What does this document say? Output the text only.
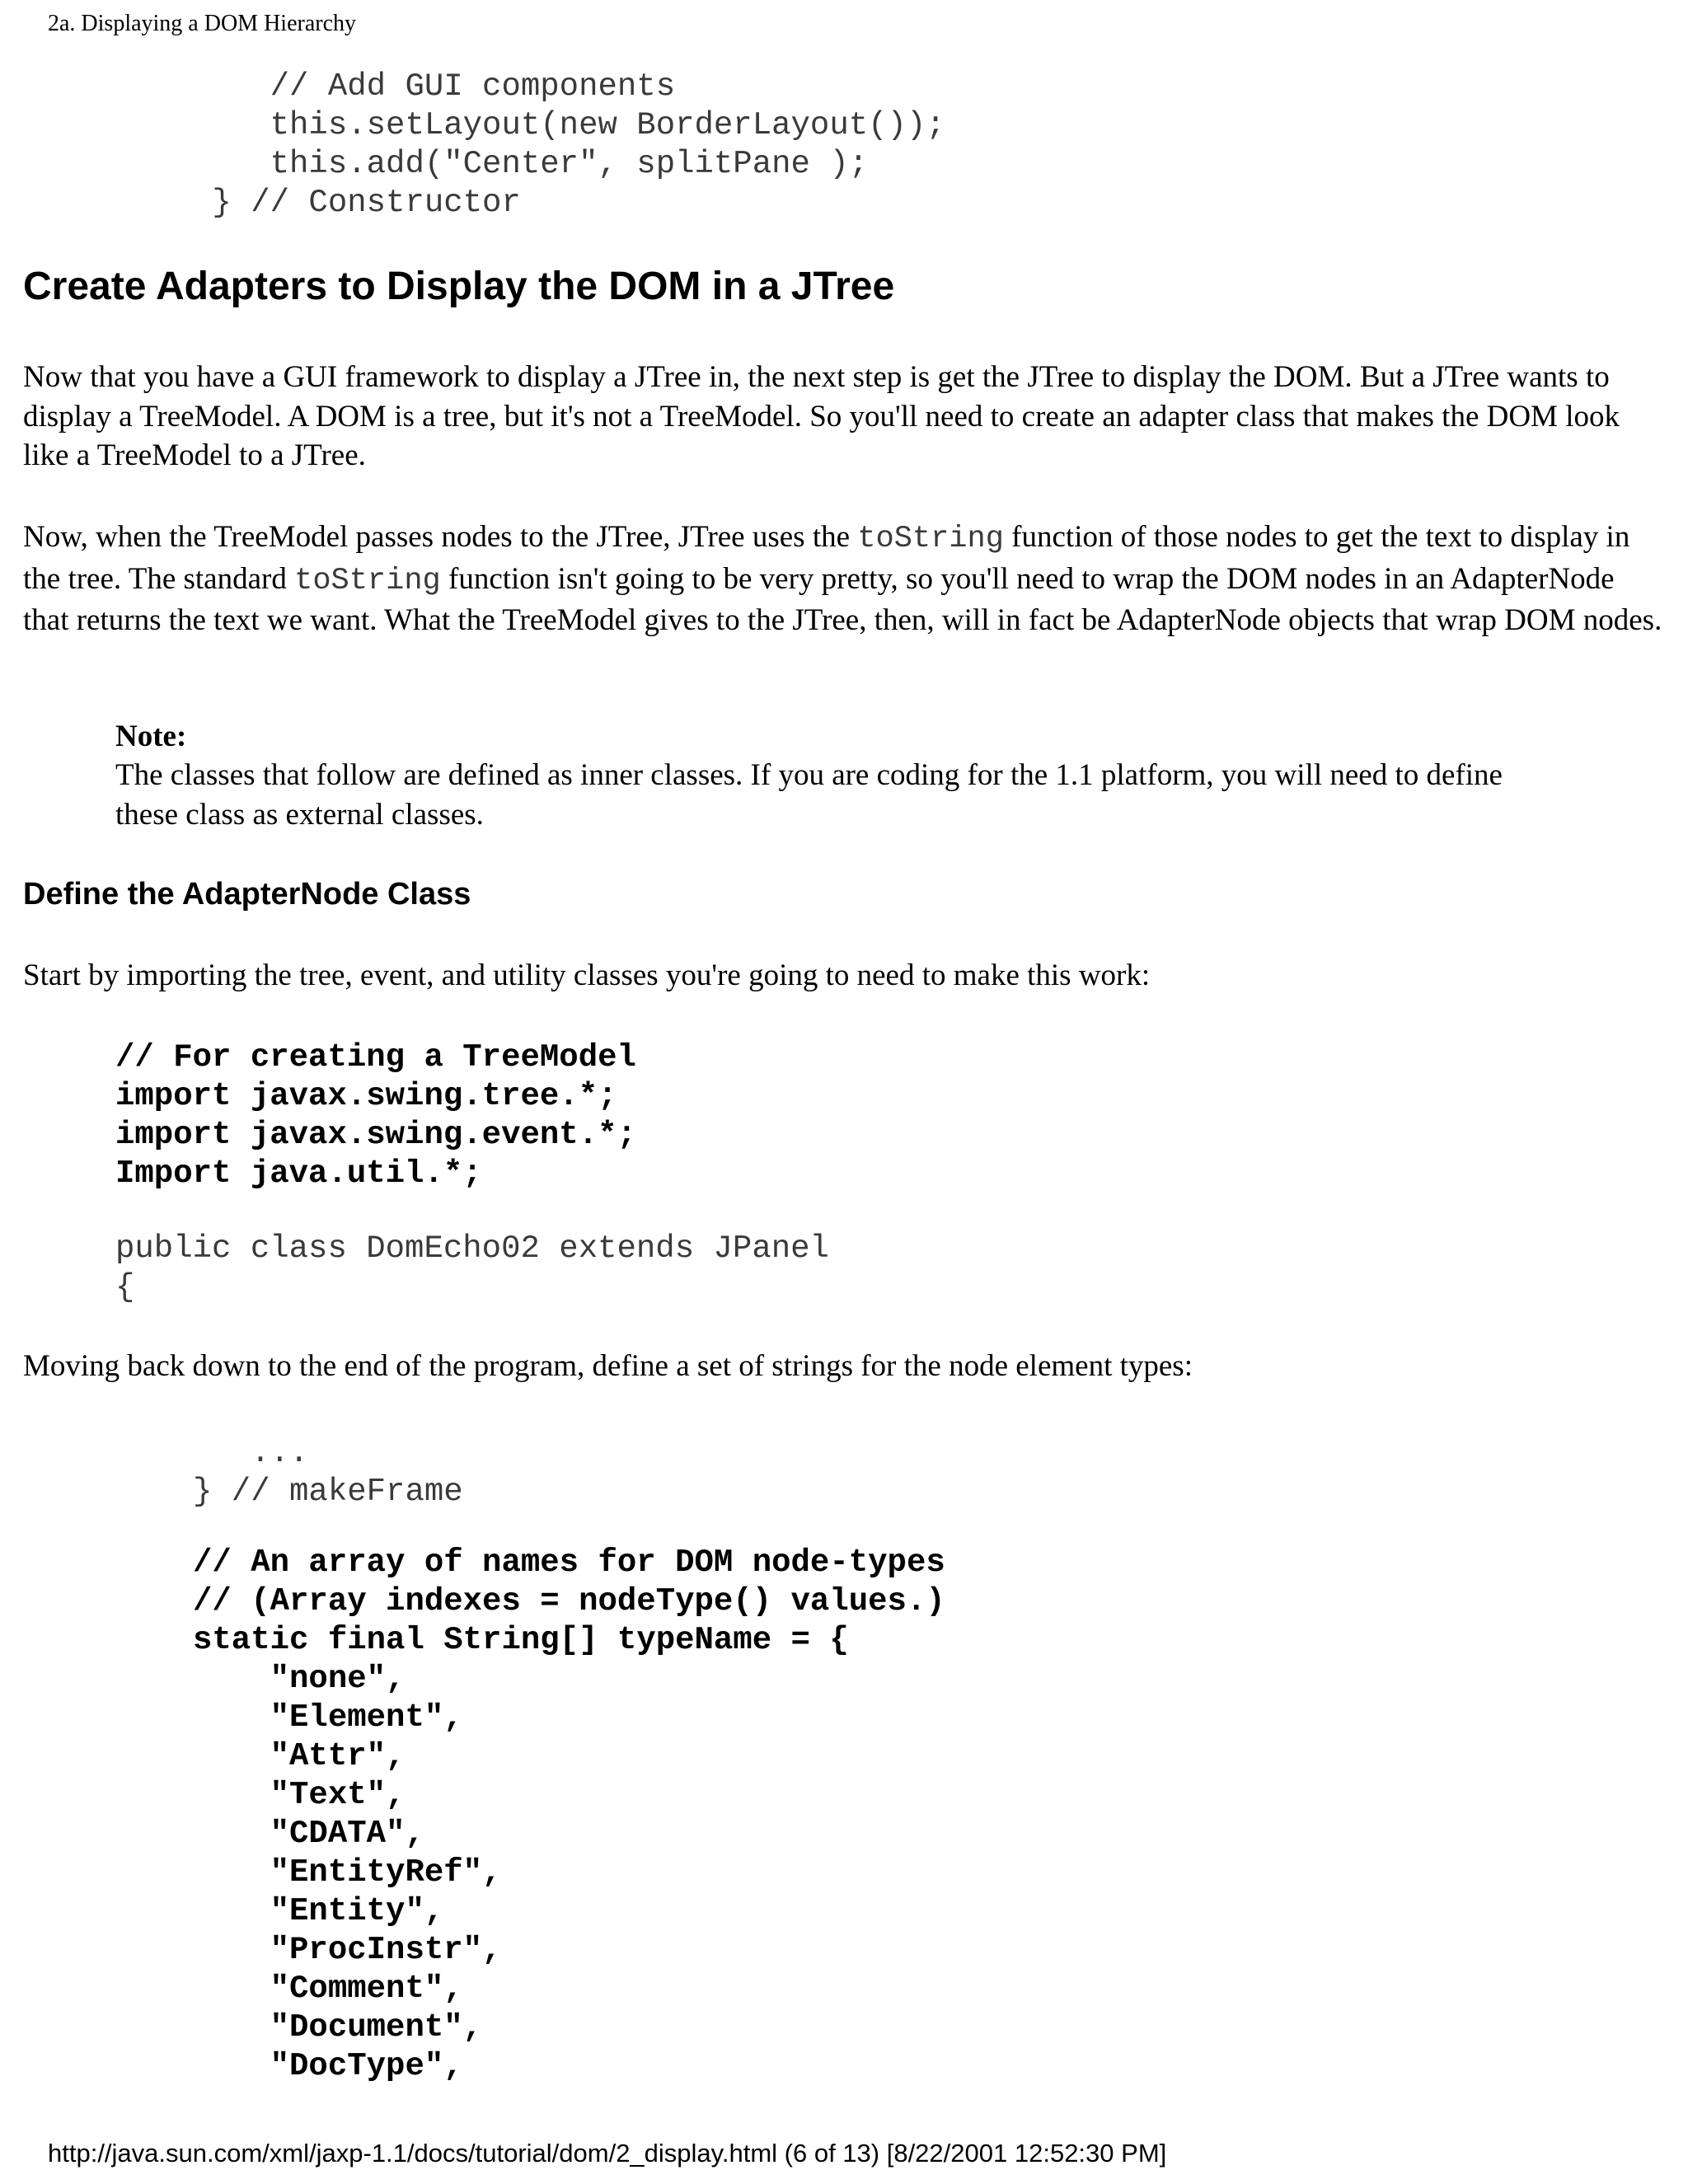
2a. Displaying a DOM Hierarchy
// Add GUI components
this.setLayout(new BorderLayout());
this.add("Center", splitPane );
} // Constructor
Create Adapters to Display the DOM in a JTree

Now that you have a GUI framework to display a JTree in, the next step is get the JTree to display the DOM. But a JTree wants to display a TreeModel. A DOM is a tree, but it's not a TreeModel. So you'll need to create an adapter class that makes the DOM look like a TreeModel to a JTree.

Now, when the TreeModel passes nodes to the JTree, JTree uses the toString function of those nodes to get the text to display in the tree. The standard toString function isn't going to be very pretty, so you'll need to wrap the DOM nodes in an AdapterNode that returns the text we want. What the TreeModel gives to the JTree, then, will in fact be AdapterNode objects that wrap DOM nodes.

Note:

The classes that follow are defined as inner classes. If you are coding for the 1.1 platform, you will need to define these class as external classes.

Define the AdapterNode Class

Start by importing the tree, event, and utility classes you're going to need to make this work:

// For creating a TreeModel
import javax.swing.tree.*;
import javax.swing.event.*;
Import java.util.*;
public class DomEcho02 extends JPanel
{

Moving back down to the end of the program, define a set of strings for the node element types:

...
} // makeFrame
// An array of names for DOM node-types
// (Array indexes = nodeType() values.)
static final String[] typeName = {
"none",
"Element",
"Attr",
"Text",
"CDATA",
"EntityRef",
"Entity",
"ProcInstr",
"Comment",
"Document",
"DocType",
http://java.sun.com/xml/jaxp-1.1/docs/tutorial/dom/2_display.html (6 of 13) [8/22/2001 12:52:30 PM]
